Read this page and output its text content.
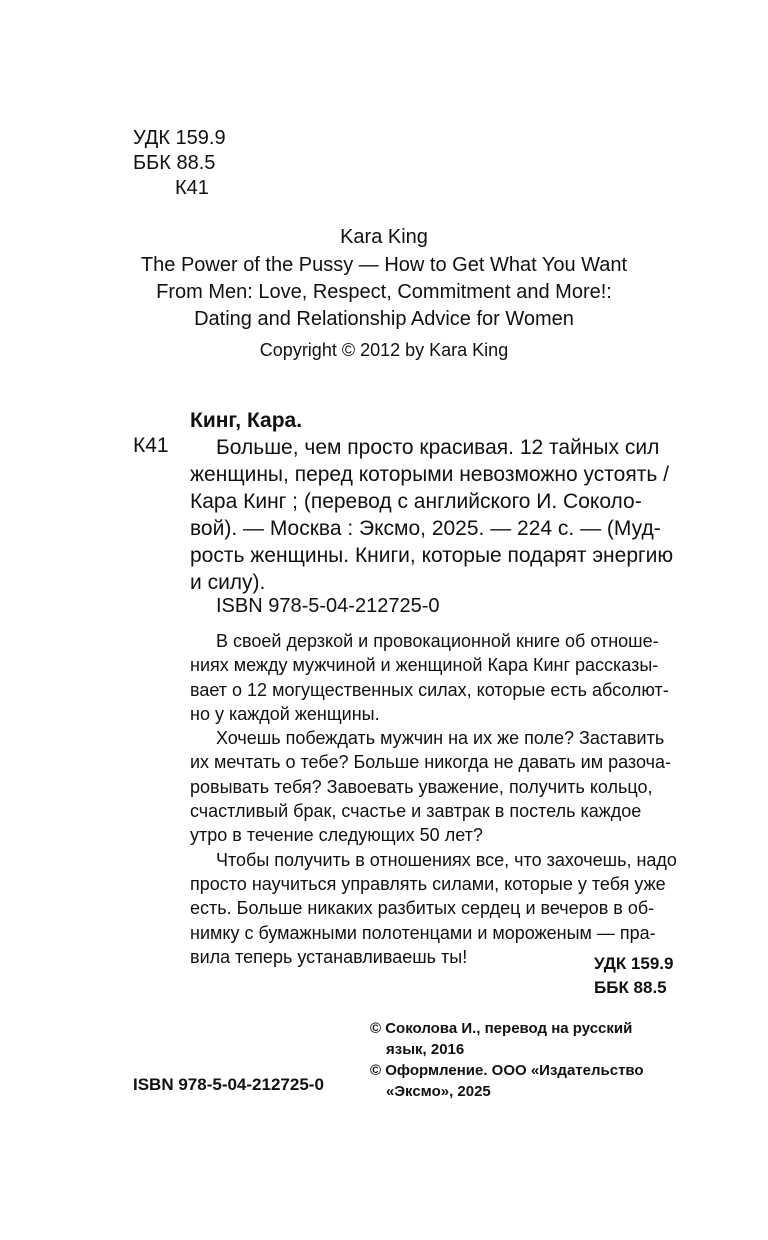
УДК 159.9
ББК 88.5
К41
Kara King
The Power of the Pussy — How to Get What You Want
From Men: Love, Respect, Commitment and More!:
Dating and Relationship Advice for Women
Copyright © 2012 by Kara King
Кинг, Кара.
К41 Больше, чем просто красивая. 12 тайных сил
женщины, перед которыми невозможно устоять /
Кара Кинг ; (перевод с английского И. Соколо-
вой). — Москва : Эксмо, 2025. — 224 с. — (Муд-
рость женщины. Книги, которые подарят энергию
и силу).
ISBN 978-5-04-212725-0
В своей дерзкой и провокационной книге об отноше-
ниях между мужчиной и женщиной Кара Кинг рассказы-
вает о 12 могущественных силах, которые есть абсолют-
но у каждой женщины.
Хочешь побеждать мужчин на их же поле? Заставить
их мечтать о тебе? Больше никогда не давать им разоча-
ровывать тебя? Завоевать уважение, получить кольцо,
счастливый брак, счастье и завтрак в постель каждое
утро в течение следующих 50 лет?
Чтобы получить в отношениях все, что захочешь, надо
просто научиться управлять силами, которые у тебя уже
есть. Больше никаких разбитых сердец и вечеров в об-
нимку с бумажными полотенцами и мороженым — пра-
вила теперь устанавливаешь ты!	УДК 159.9
ББК 88.5
© Соколова И., перевод на русский
язык, 2016
© Оформление. ООО «Издательство
«Эксмо», 2025
ISBN 978-5-04-212725-0
